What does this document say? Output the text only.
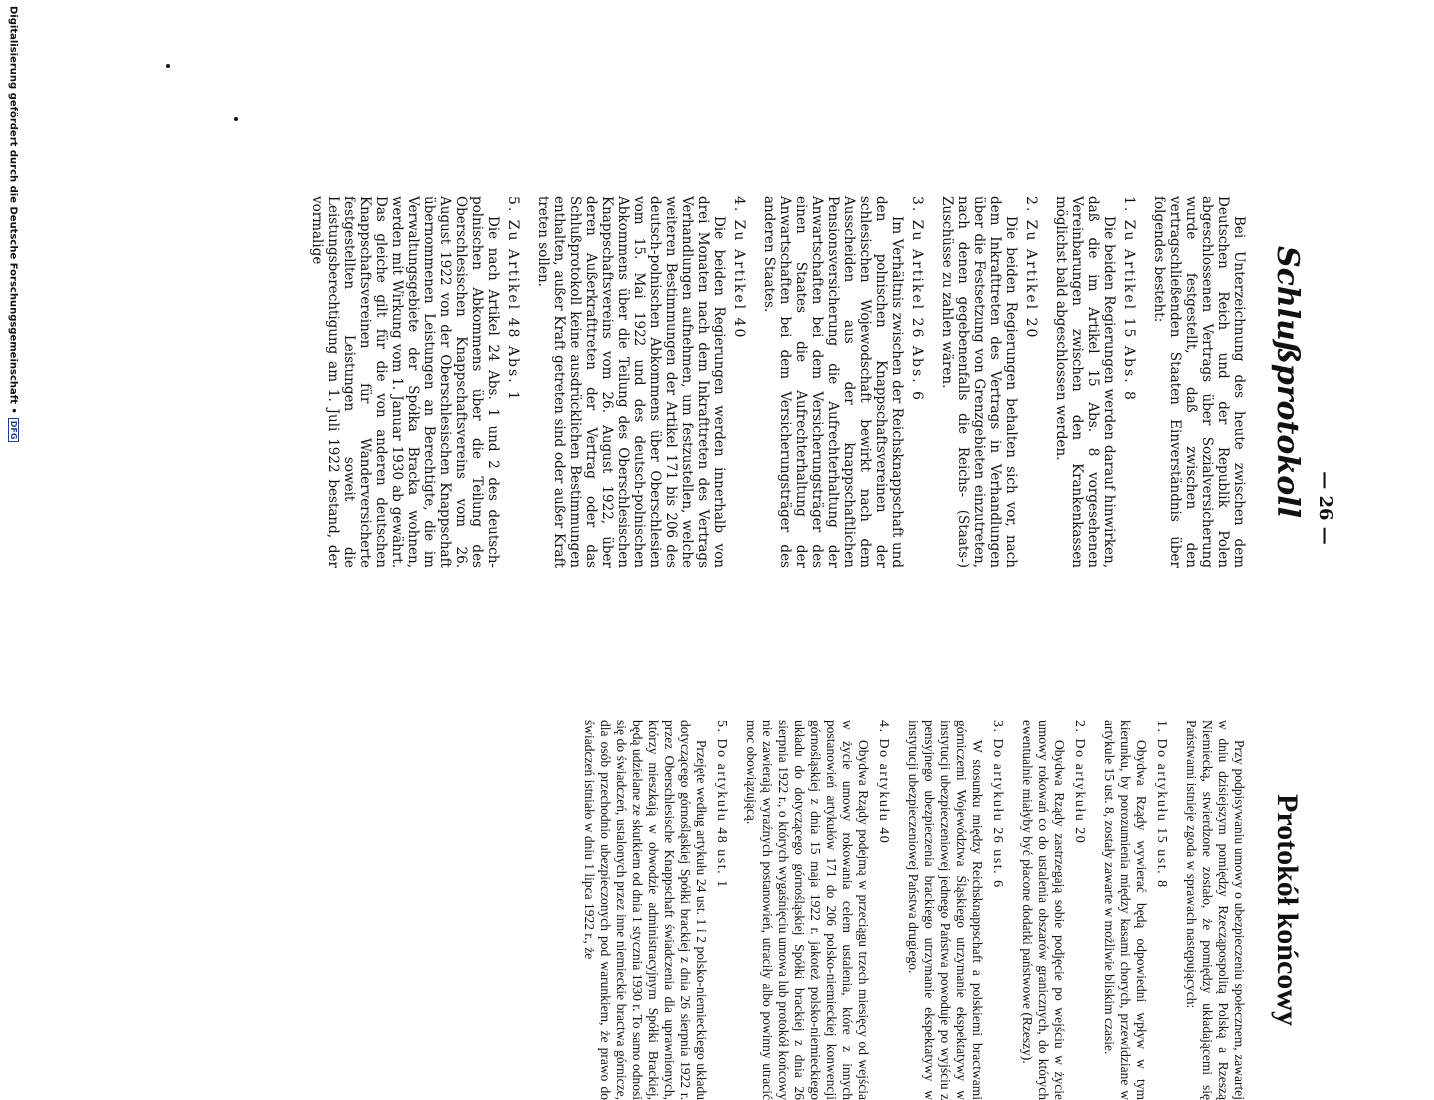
— 26 —
Schlußprotokoll

Bei Unterzeichnung des heute zwischen dem Deutschen Reich und der Republik Polen abgeschlossenen Vertrags über Sozialversicherung wurde festgestellt, daß zwischen den vertragschließenden Staaten Einverständnis über folgendes besteht:

1. Zu Artikel 15 Abs. 8

Die beiden Regierungen werden darauf hinwirken, daß die im Artikel 15 Abs. 8 vorgesehenen Vereinbarungen zwischen den Krankenkassen möglichst bald abgeschlossen werden.

2. Zu Artikel 20

Die beiden Regierungen behalten sich vor, nach dem Inkrafttreten des Vertrags in Verhandlungen über die Festsetzung von Grenzgebieten einzutreten, nach denen gegebenenfalls die Reichs- (Staats-) Zuschüsse zu zahlen wären.

3. Zu Artikel 26 Abs. 6

Im Verhältnis zwischen der Reichsknappschaft und den polnischen Knappschaftsvereinen der schlesischen Wojewodschaft bewirkt nach dem Ausscheiden aus der knappschaftlichen Pensionsversicherung die Aufrechterhaltung der Anwartschaften bei dem Versicherungsträger des einen Staates die Aufrechterhaltung der Anwartschaften bei dem Versicherungsträger des anderen Staates.

4. Zu Artikel 40

Die beiden Regierungen werden innerhalb von drei Monaten nach dem Inkrafttreten des Vertrags Verhandlungen aufnehmen, um festzustellen, welche weiteren Bestimmungen der Artikel 171 bis 206 des deutsch-polnischen Abkommens über Oberschlesien vom 15. Mai 1922 und des deutsch-polnischen Abkommens über die Teilung des Oberschlesischen Knappschaftsvereins vom 26. August 1922, über deren Außerkrafttreten der Vertrag oder das Schlußprotokoll keine ausdrücklichen Bestimmungen enthalten, außer Kraft getreten sind oder außer Kraft treten sollen.

5. Zu Artikel 48 Abs. 1

Die nach Artikel 24 Abs. 1 und 2 des deutsch-polnischen Abkommens über die Teilung des Oberschlesischen Knappschaftsvereins vom 26. August 1922 von der Oberschlesischen Knappschaft übernommenen Leistungen an Berechtigte, die im Verwaltungsgebiete der Spółka Bracka wohnen, werden mit Wirkung vom 1. Januar 1930 ab gewährt. Das gleiche gilt für die von anderen deutschen Knappschaftsvereinen für Wanderversicherte festgestellten Leistungen soweit die Leistungsberechtigung am 1. Juli 1922 bestand, der vormalige

Protokół końcowy

Przy podpisywaniu umowy o ubezpieczeniu społecznem, zawartej w dniu dzisiejszym pomiędzy Rzecząpospolitą Polską a Rzeszą Niemiecką, stwierdzone zostało, że pomiędzy układającemi się Państwami istnieje zgoda w sprawach następujących:

1. Do artykułu 15 ust. 8

Obydwa Rządy wywierać będą odpowiedni wpływ w tym kierunku, by porozumienia między kasami chorych, przewidziane w artykule 15 ust. 8, zostały zawarte w możliwie bliskim czasie.

2. Do artykułu 20

Obydwa Rządy zastrzegają sobie podjęcie po wejściu w życie umowy rokowań co do ustalenia obszarów granicznych, do których ewentualnie miałyby być płacone dodatki państwowe (Rzeszy).

3. Do artykułu 26 ust. 6

W stosunku między Reichsknappschaft a polskiemi bractwami górniczemi Województwa Śląskiego utrzymanie ekspektatywy w instytucji ubezpieczeniowej jednego Państwa powoduje po wyjściu z pensyjnego ubezpieczenia brackiego utrzymanie ekspektatywy w instytucji ubezpieczeniowej Państwa drugiego.

4. Do artykułu 40

Obydwa Rządy podejmą w przeciągu trzech miesięcy od wejścia w życie umowy rokowania celem ustalenia, które z innych postanowień artykułów 171 do 206 polsko-niemieckiej konwencji górnośląskiej z dnia 15 maja 1922 r. jakoteż polsko-niemieckiego układu do dotyczącego górnośląskiej Spółki brackiej z dnia 26 sierpnia 1922 r., o których wygaśnięciu umowa lub protokół końcowy nie zawierają wyraźnych postanowień, utraciły albo powinny utracić moc obowiązującą.

5. Do artykułu 48 ust. 1

Przejęte według artykułu 24 ust. 1 i 2 polsko-niemieckiego układu dotyczącego górnośląskiej Spółki brackiej z dnia 26 sierpnia 1922 r. przez Oberschlesische Knappschaft świadczenia dla uprawnionych, którzy mieszkają w obwodzie administracyjnym Spółki Brackiej, będą udzielane ze skutkiem od dnia 1 stycznia 1930 r. To samo odnosi się do świadczeń, ustalonych przez inne niemieckie bractwa górnicze, dla osób przechodnio ubezpieczonych pod warunkiem, że prawo do świadczeń istniało w dniu 1 lipca 1922 r., że

Digitalisierung gefördert durch die Deutsche Forschungsgemeinschaft •DFG
